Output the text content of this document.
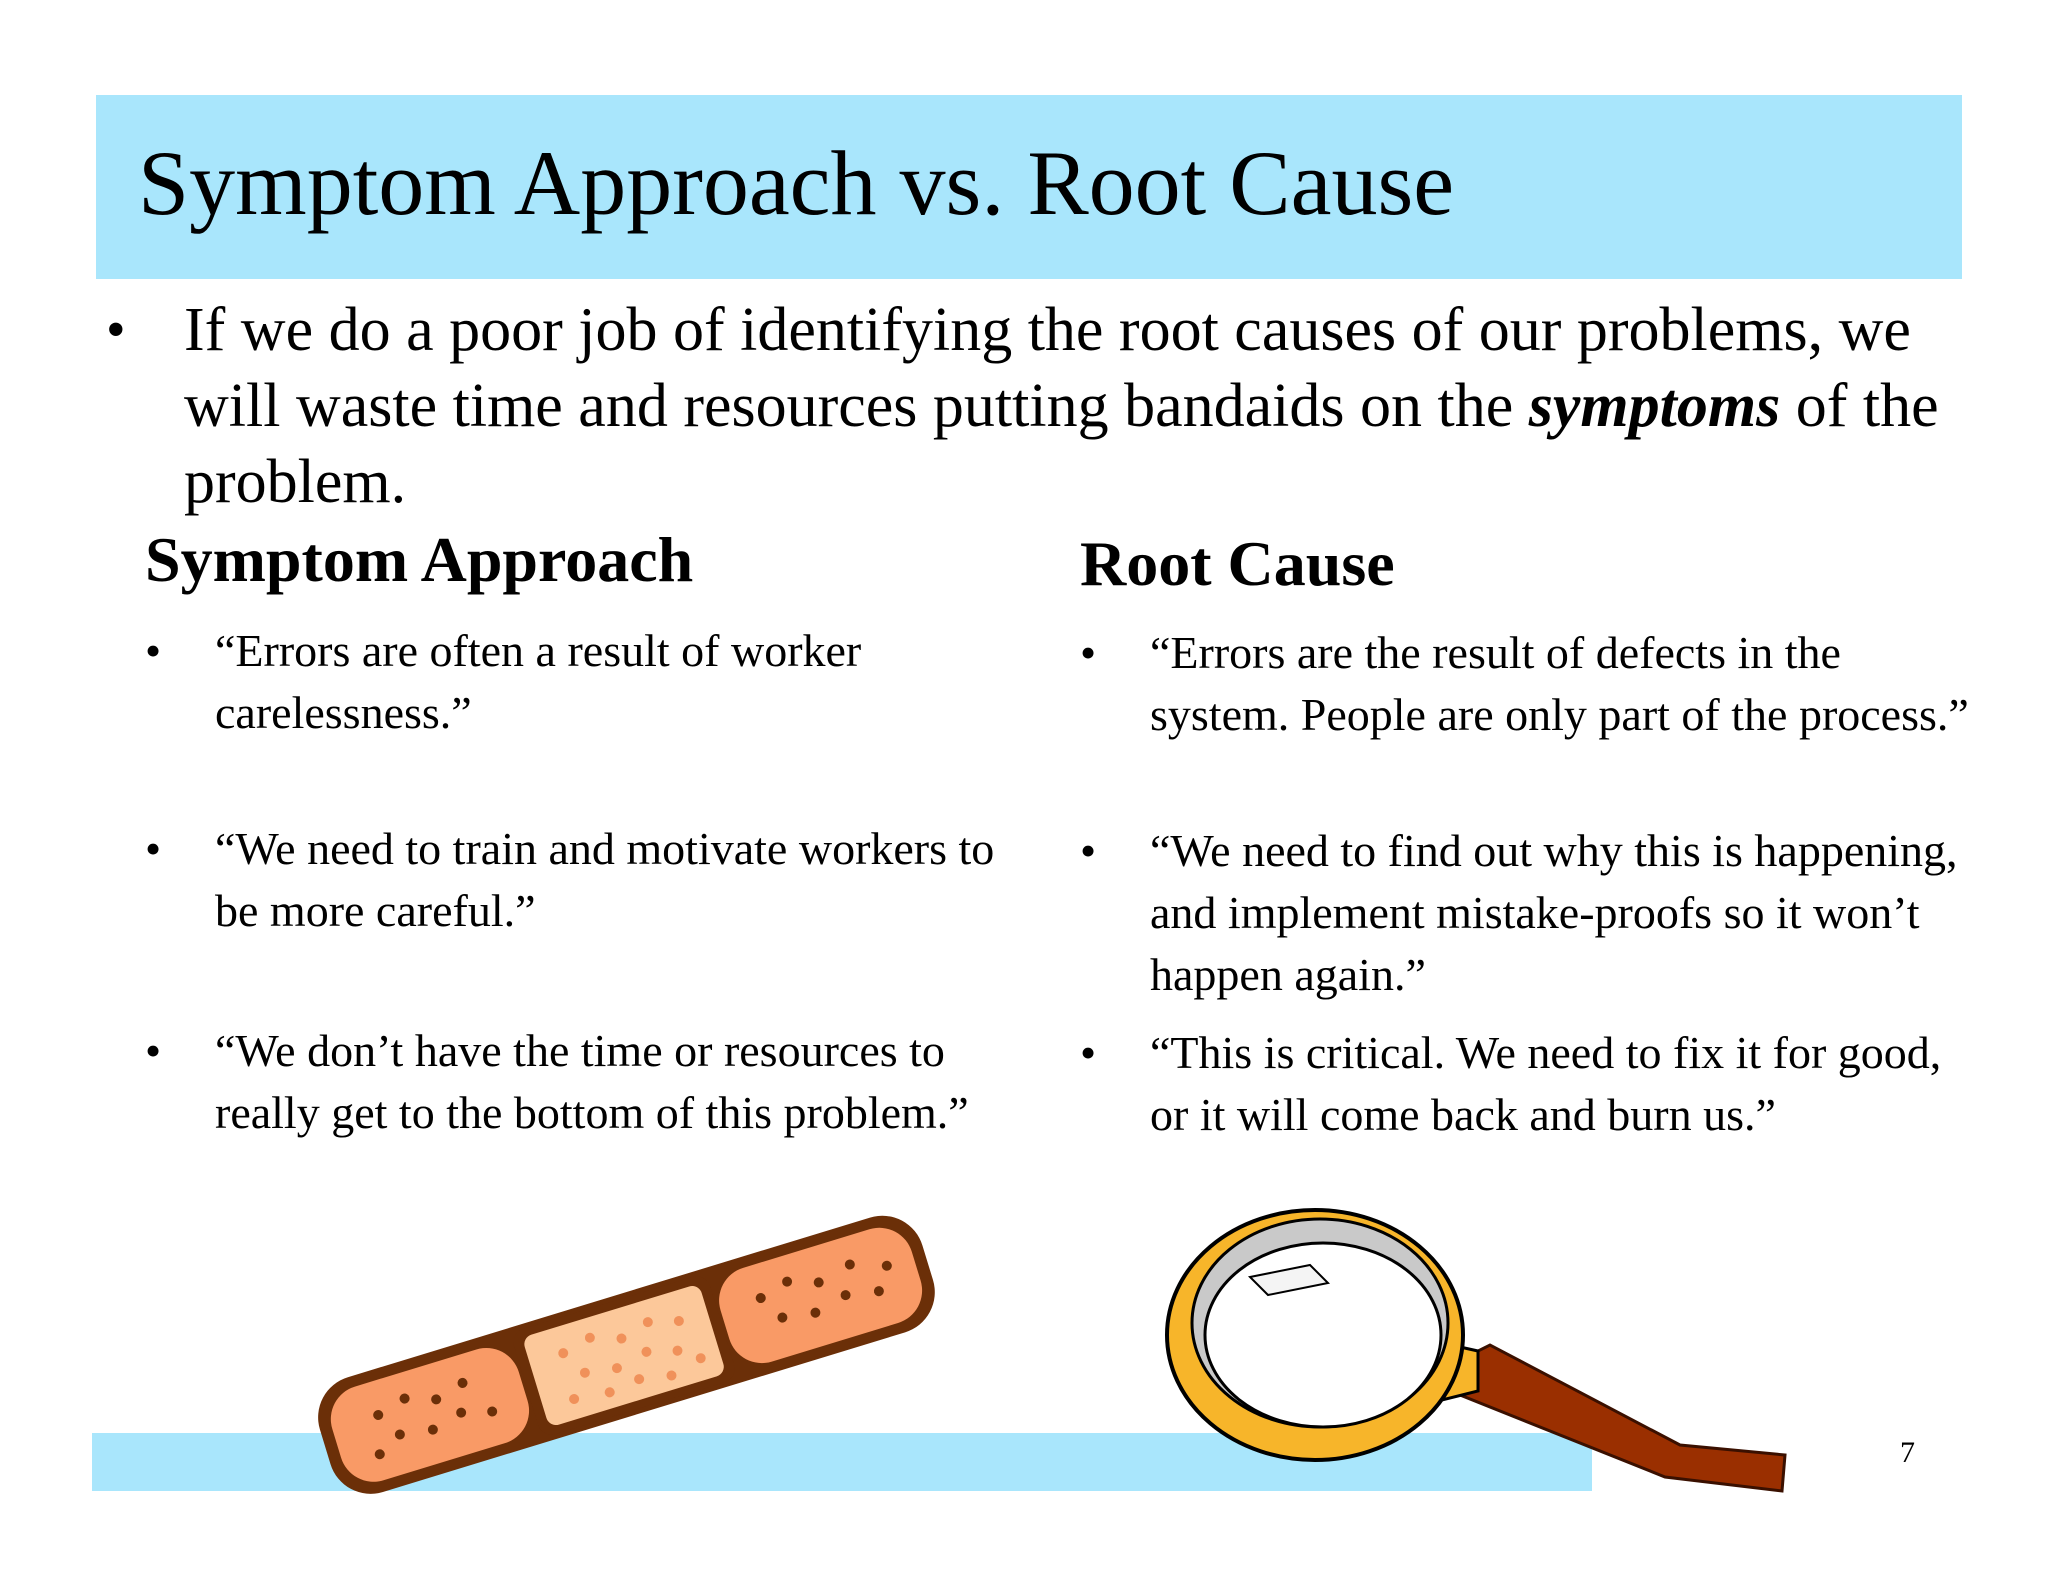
Symptom Approach vs. Root Cause
• If we do a poor job of identifying the root causes of our problems, we will waste time and resources putting bandaids on the symptoms of the problem.
Symptom Approach
• “Errors are often a result of worker carelessness.”
• “We need to train and motivate workers to be more careful.”
• “We don’t have the time or resources to really get to the bottom of this problem.”
Root Cause
• “Errors are the result of defects in the system. People are only part of the process.”
• “We need to find out why this is happening, and implement mistake-proofs so it won’t happen again.”
• “This is critical. We need to fix it for good, or it will come back and burn us.”
7
